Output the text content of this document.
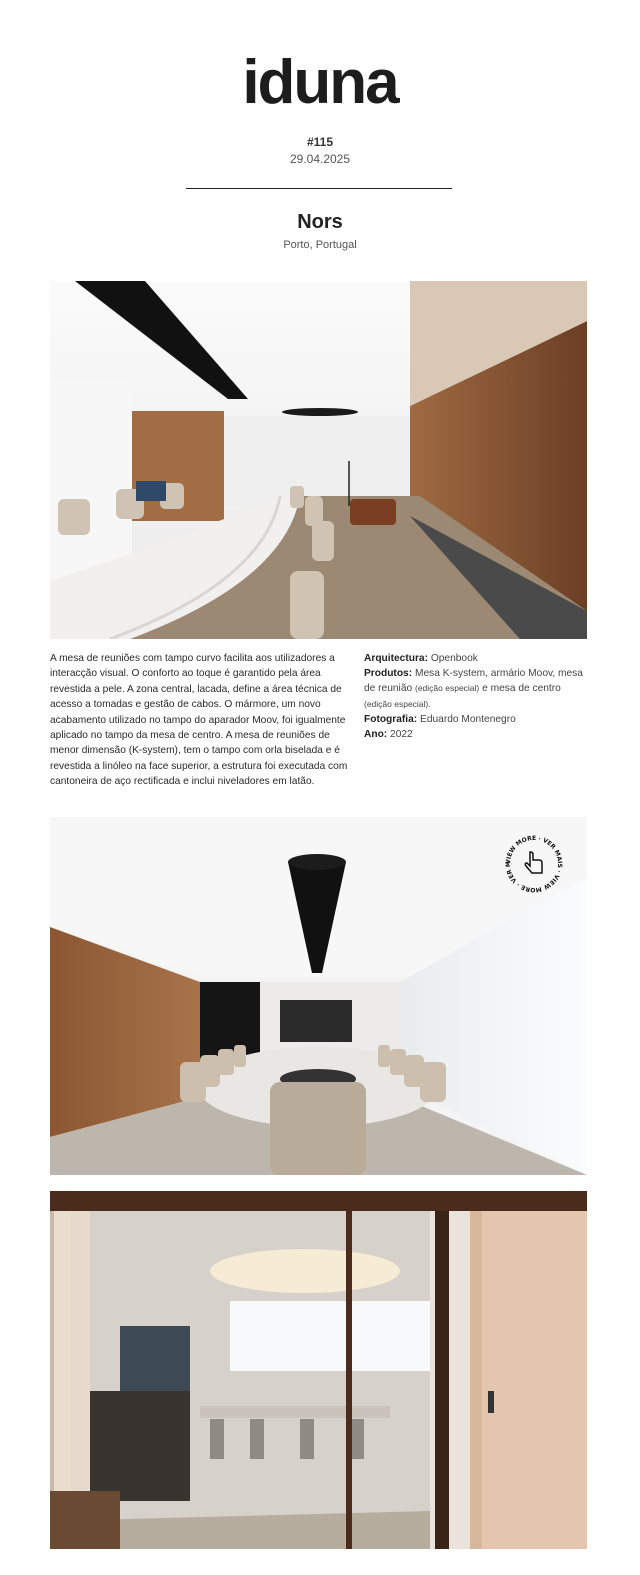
iduna
#115
29.04.2025
Nors
Porto, Portugal
A mesa de reuniões com tampo curvo facilita aos utilizadores a interacção visual. O conforto ao toque é garantido pela área revestida a pele. A zona central, lacada, define a área técnica de acesso a tomadas e gestão de cabos. O mármore, um novo acabamento utilizado no tampo do aparador Moov, foi igualmente aplicado no tampo da mesa de centro. A mesa de reuniões de menor dimensão (K-system), tem o tampo com orla biselada e é revestida a linóleo na face superior, a estrutura foi executada com cantoneira de aço rectificada e inclui niveladores em latão.
Arquitectura: Openbook
Produtos: Mesa K-system, armário Moov, mesa de reunião (edição especial) e mesa de centro (edição especial).
Fotografia: Eduardo Montenegro
Ano: 2022
VIEW MORE · VER MAIS · VIEW MORE · VER M
